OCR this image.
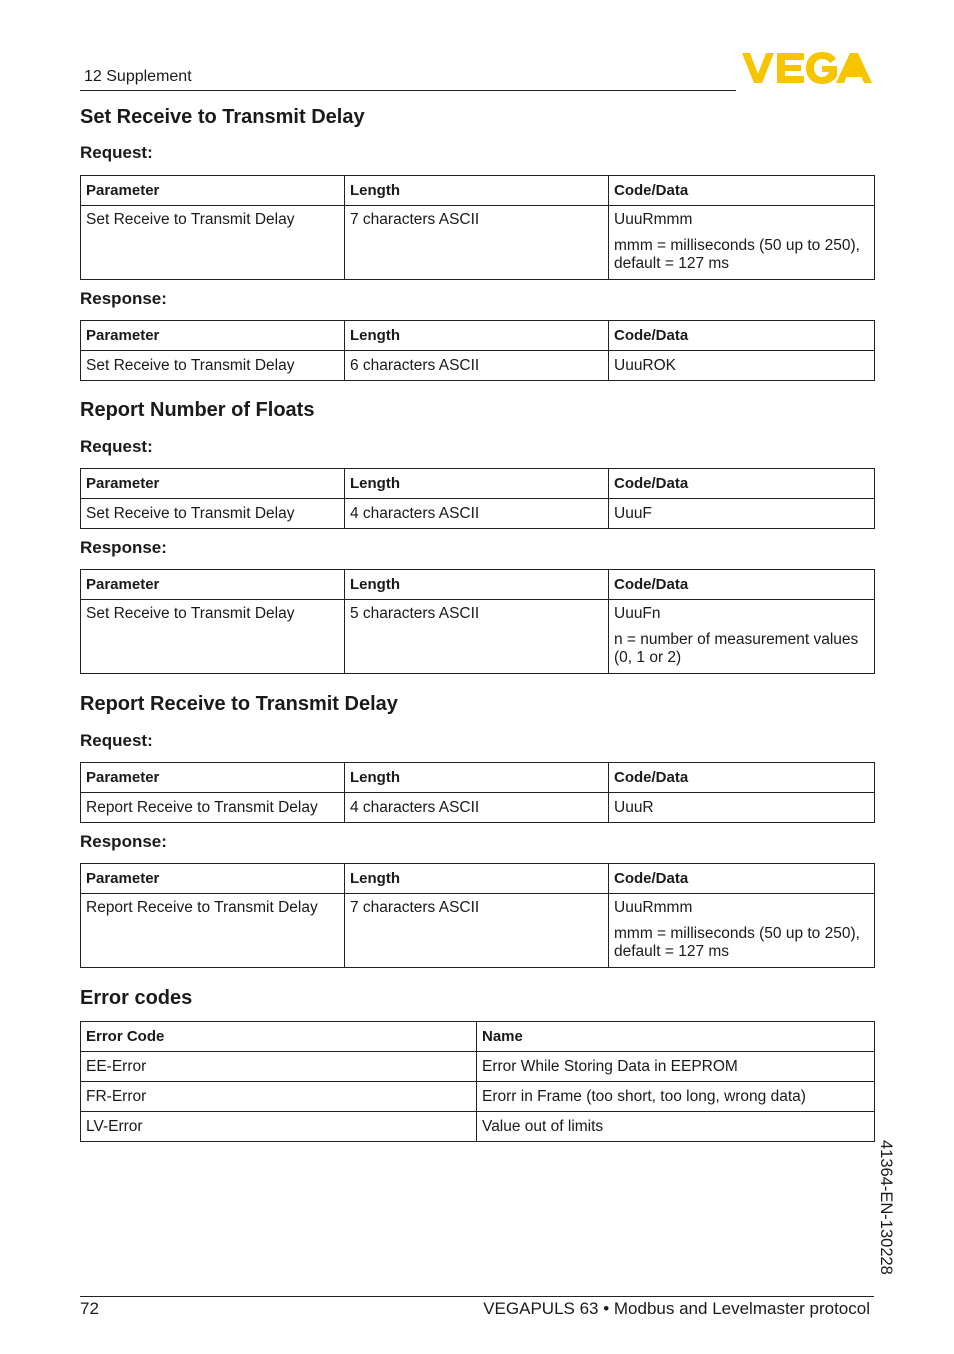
12 Supplement
Set Receive to Transmit Delay
Request:
Parameter	Length	Code/Data
Set Receive to Transmit Delay	7 characters ASCII	UuuRmmm
mmm = milliseconds (50 up to 250), default = 127 ms
Response:
Parameter	Length	Code/Data
Set Receive to Transmit Delay	6 characters ASCII	UuuROK
Report Number of Floats
Request:
Parameter	Length	Code/Data
Set Receive to Transmit Delay	4 characters ASCII	UuuF
Response:
Parameter	Length	Code/Data
Set Receive to Transmit Delay	5 characters ASCII	UuuFn
n = number of measurement values (0, 1 or 2)
Report Receive to Transmit Delay
Request:
Parameter	Length	Code/Data
Report Receive to Transmit Delay	4 characters ASCII	UuuR
Response:
Parameter	Length	Code/Data
Report Receive to Transmit Delay	7 characters ASCII	UuuRmmm
mmm = milliseconds (50 up to 250), default = 127 ms
Error codes
Error Code	Name
EE-Error	Error While Storing Data in EEPROM
FR-Error	Erorr in Frame (too short, too long, wrong data)
LV-Error	Value out of limits
41364-EN-130228
72	VEGAPULS 63 • Modbus and Levelmaster protocol
